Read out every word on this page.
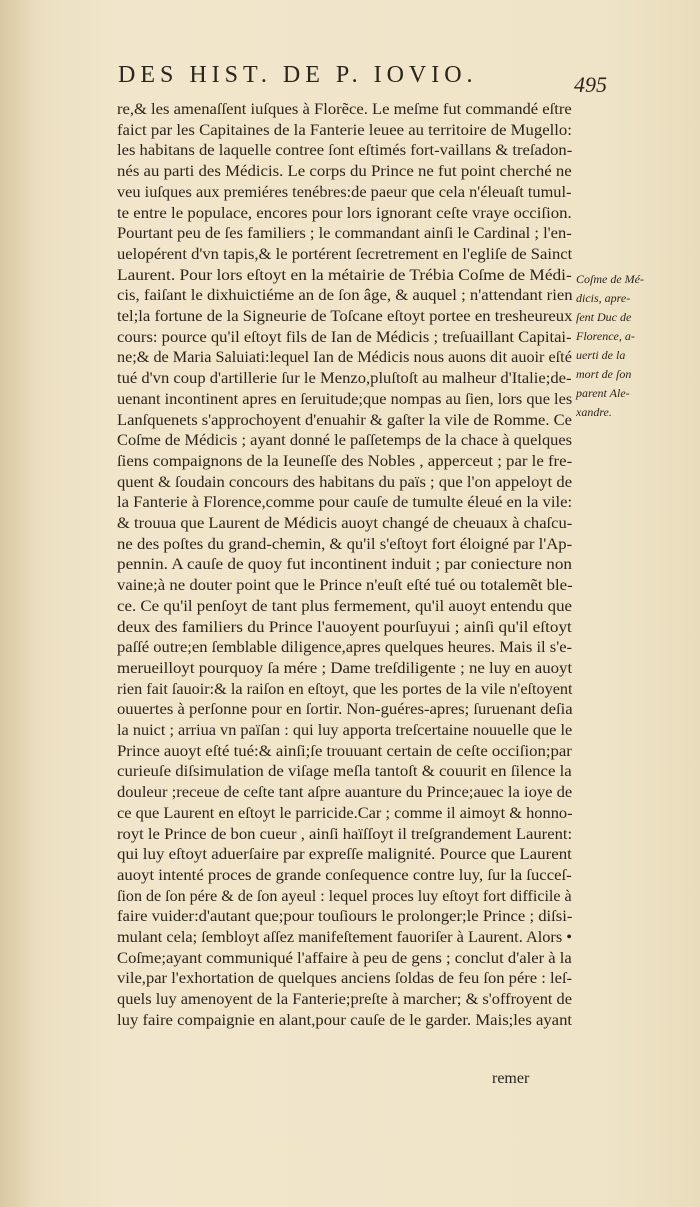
DES HIST. DE P. IOVIO.	495
re,& les amenaſſent iuſques à Florẽce. Le meſme fut commandé eſtre
faict par les Capitaines de la Fanterie leuee au territoire de Mugello:
les habitans de laquelle contree ſont eſtimés fort-vaillans & treſadon-
nés au parti des Médicis. Le corps du Prince ne fut point cherché ne
veu iuſques aux premiéres tenébres:de paeur que cela n'éleuaſt tumul-
te entre le populace, encores pour lors ignorant ceſte vraye occiſion.
Pourtant peu de ſes familiers ; le commandant ainſi le Cardinal ; l'en-
uelopérent d'vn tapis,& le portérent ſecretrement en l'egliſe de Sainct
Laurent. Pour lors eſtoyt en la métairie de Trébia Coſme de Médi-
cis, faiſant le dixhuictiéme an de ſon âge, & auquel ; n'attendant rien
tel;la fortune de la Signeurie de Toſcane eſtoyt portee en tresheureux
cours: pource qu'il eſtoyt fils de Ian de Médicis ; treſuaillant Capitai-
ne;& de Maria Saluiati:lequel Ian de Médicis nous auons dit auoir eſté
tué d'vn coup d'artillerie ſur le Menzo,pluſtoſt au malheur d'Italie;de-
uenant incontinent apres en ſeruitude;que nompas au ſien, lors que les
Lanſquenets s'approchoyent d'enuahir & gaſter la vile de Romme. Ce
Coſme de Médicis ; ayant donné le paſſetemps de la chace à quelques
ſiens compaignons de la Ieuneſſe des Nobles , apperceut ; par le fre-
quent & ſoudain concours des habitans du païs ; que l'on appeloyt de
la Fanterie à Florence,comme pour cauſe de tumulte éleué en la vile:
& trouua que Laurent de Médicis auoyt changé de cheuaux à chaſcu-
ne des poſtes du grand-chemin, & qu'il s'eſtoyt fort éloigné par l'Ap-
pennin. A cauſe de quoy fut incontinent induit ; par coniecture non
vaine;à ne douter point que le Prince n'euſt eſté tué ou totalemẽt ble-
ce. Ce qu'il penſoyt de tant plus fermement, qu'il auoyt entendu que
deux des familiers du Prince l'auoyent pourſuyui ; ainſi qu'il eſtoyt
paſſé outre;en ſemblable diligence,apres quelques heures. Mais il s'e-
merueilloyt pourquoy ſa mére ; Dame treſdiligente ; ne luy en auoyt
rien fait ſauoir:& la raiſon en eſtoyt, que les portes de la vile n'eſtoyent
ouuertes à perſonne pour en ſortir. Non-guéres-apres; ſuruenant deſia
la nuict ; arriua vn païſan : qui luy apporta treſcertaine nouuelle que le
Prince auoyt eſté tué:& ainſi;ſe trouuant certain de ceſte occiſion;par
curieuſe diſsimulation de viſage meſla tantoſt & couurit en ſilence la
douleur ;receue de ceſte tant aſpre auanture du Prince;auec la ioye de
ce que Laurent en eſtoyt le parricide.Car ; comme il aimoyt & honno-
royt le Prince de bon cueur , ainſi haïſſoyt il treſgrandement Laurent:
qui luy eſtoyt aduerſaire par expreſſe malignité. Pource que Laurent
auoyt intenté proces de grande conſequence contre luy, ſur la ſucceſ-
ſion de ſon pére & de ſon ayeul : lequel proces luy eſtoyt fort difficile à
faire vuider:d'autant que;pour touſiours le prolonger;le Prince ; diſsi-
mulant cela; ſembloyt aſſez manifeſtement fauoriſer à Laurent. Alors •
Coſme;ayant communiqué l'affaire à peu de gens ; conclut d'aler à la
vile,par l'exhortation de quelques anciens ſoldas de feu ſon pére : leſ-
quels luy amenoyent de la Fanterie;preſte à marcher; & s'offroyent de
luy faire compaignie en alant,pour cauſe de le garder. Mais;les ayant
Coſme de Mé-
dicis, apre-
ſent Duc de
Florence, a-
uerti de la
mort de ſon
parent Ale-
xandre.
remer
